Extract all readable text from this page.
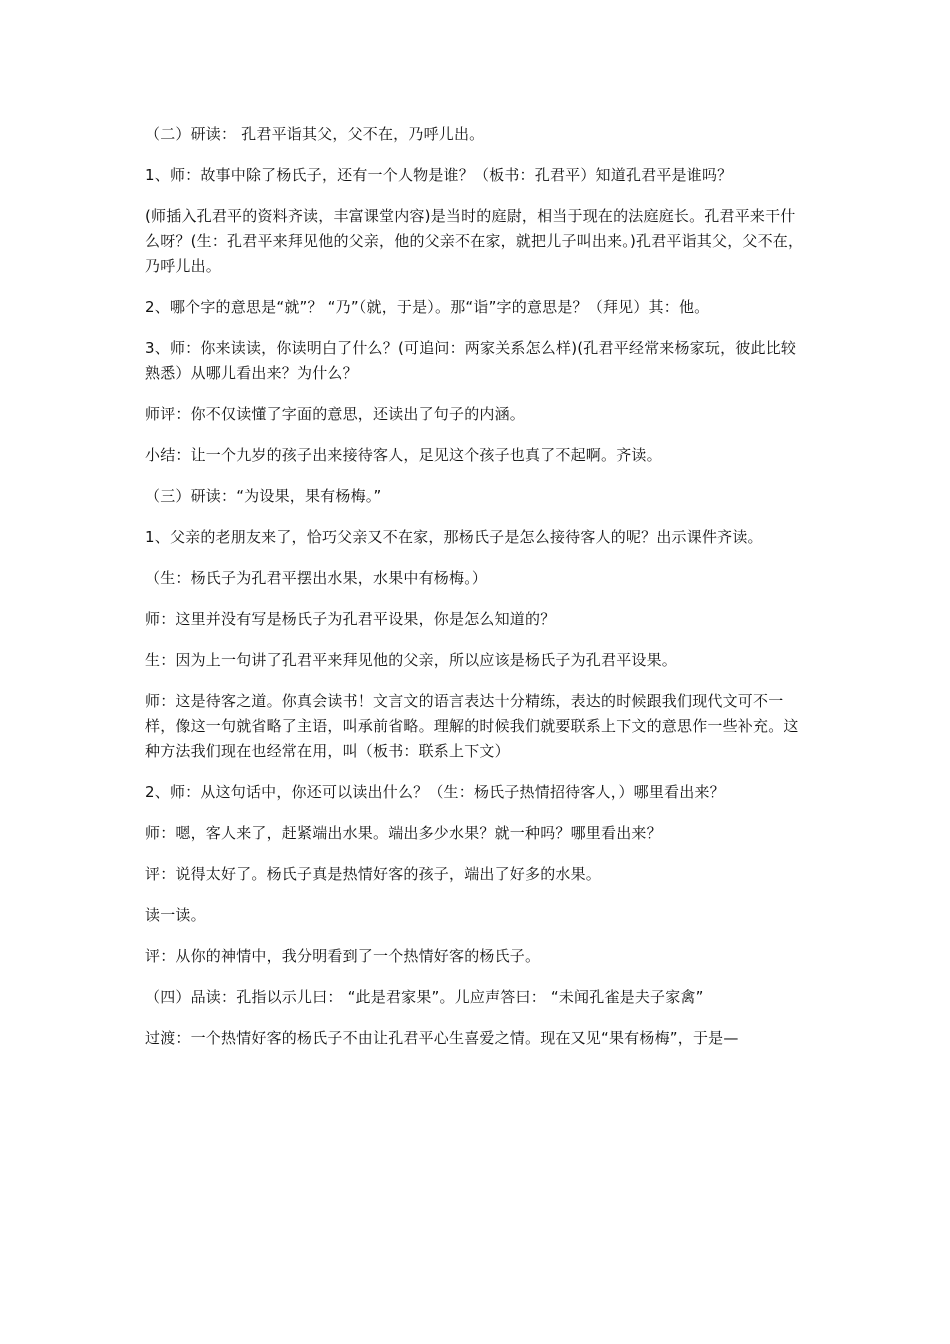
（二）研读： 孔君平诣其父，父不在，乃呼儿出。

1、师：故事中除了杨氏子，还有一个人物是谁？（板书：孔君平）知道孔君平是谁吗？

(师插入孔君平的资料齐读，丰富课堂内容)是当时的庭尉，相当于现在的法庭庭长。孔君平来干什么呀？(生：孔君平来拜见他的父亲，他的父亲不在家，就把儿子叫出来。)孔君平诣其父，父不在，乃呼儿出。

2、哪个字的意思是“就”？ “乃”（就，于是）。那“诣”字的意思是？（拜见）其：他。

3、师：你来读读，你读明白了什么？(可追问：两家关系怎么样)(孔君平经常来杨家玩，彼此比较熟悉）从哪儿看出来？为什么？

师评：你不仅读懂了字面的意思，还读出了句子的内涵。

小结：让一个九岁的孩子出来接待客人，足见这个孩子也真了不起啊。齐读。

（三）研读：“为设果，果有杨梅。”

1、父亲的老朋友来了，恰巧父亲又不在家，那杨氏子是怎么接待客人的呢？出示课件齐读。

（生：杨氏子为孔君平摆出水果，水果中有杨梅。）

师：这里并没有写是杨氏子为孔君平设果，你是怎么知道的？

生：因为上一句讲了孔君平来拜见他的父亲，所以应该是杨氏子为孔君平设果。

师：这是待客之道。你真会读书！文言文的语言表达十分精练，表达的时候跟我们现代文可不一样，像这一句就省略了主语，叫承前省略。理解的时候我们就要联系上下文的意思作一些补充。这种方法我们现在也经常在用，叫（板书：联系上下文）

2、师：从这句话中，你还可以读出什么？（生：杨氏子热情招待客人，）哪里看出来？

师：嗯，客人来了，赶紧端出水果。端出多少水果？就一种吗？哪里看出来？

评：说得太好了。杨氏子真是热情好客的孩子，端出了好多的水果。

读一读。

评：从你的神情中，我分明看到了一个热情好客的杨氏子。

（四）品读：孔指以示儿曰： “此是君家果”。儿应声答曰： “未闻孔雀是夫子家禽”

过渡：一个热情好客的杨氏子不由让孔君平心生喜爱之情。现在又见“果有杨梅”，于是—
